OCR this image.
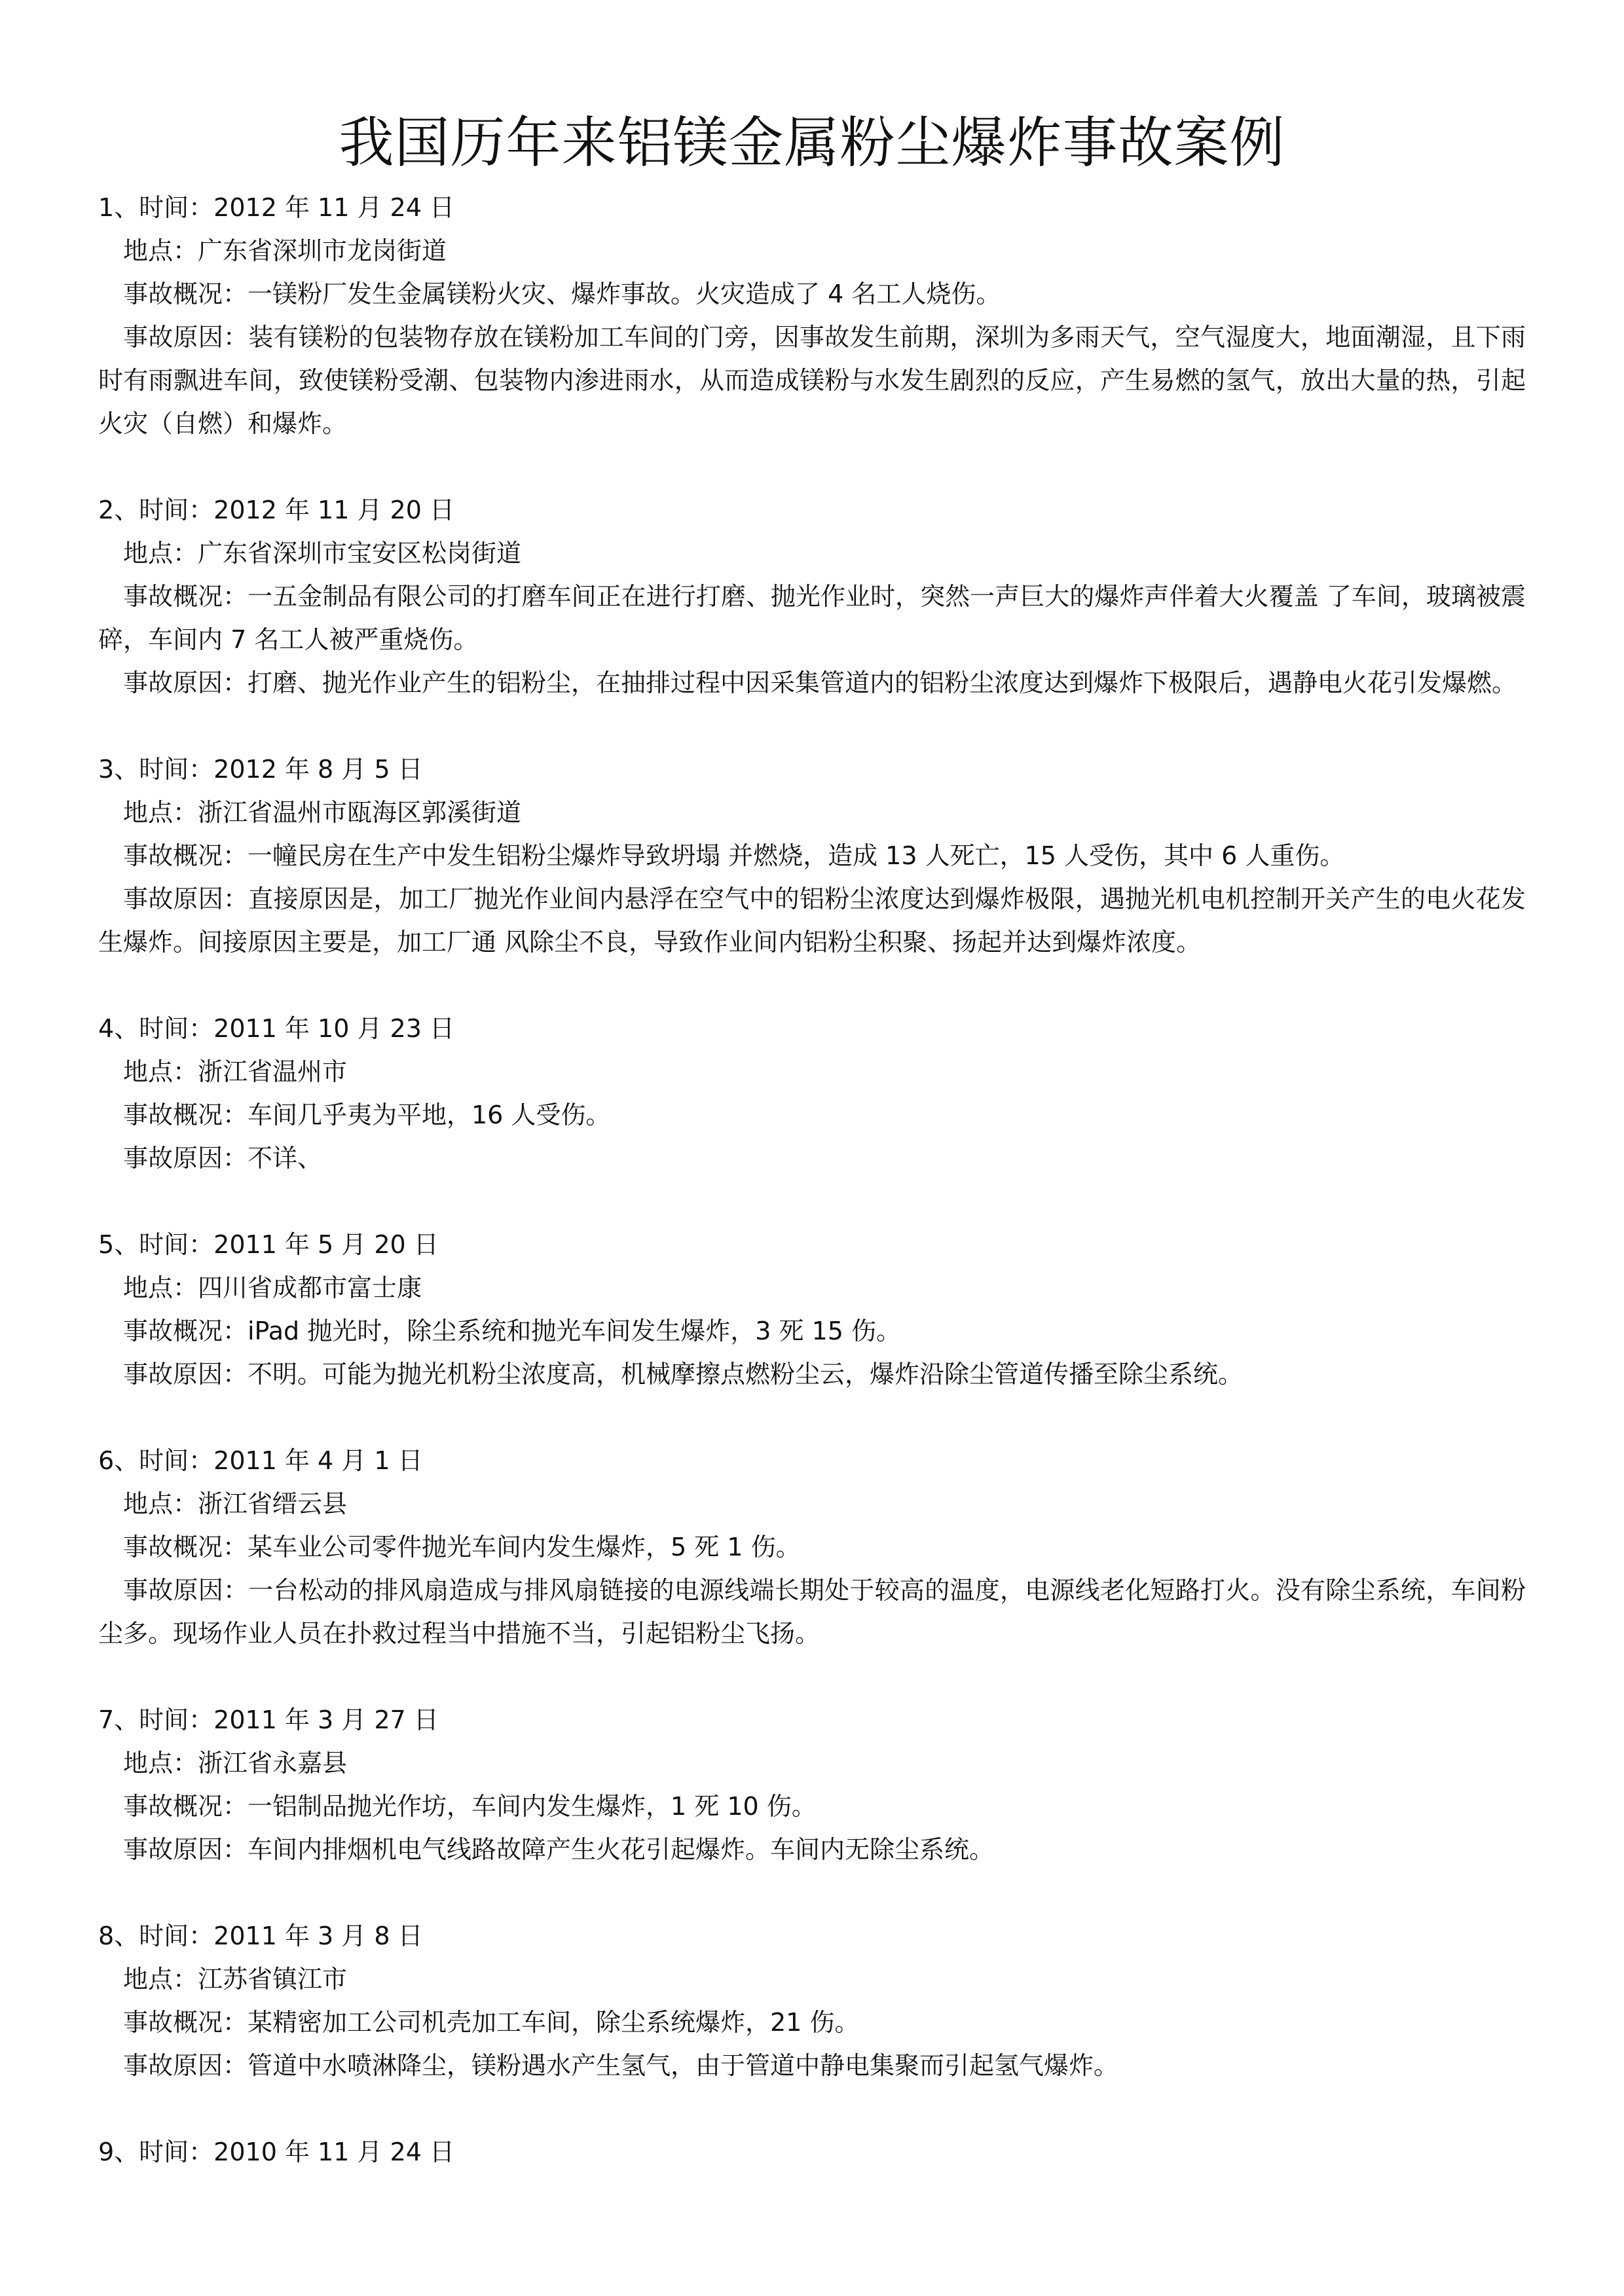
我国历年来铝镁金属粉尘爆炸事故案例
1、时间：2012 年 11 月 24 日
地点：广东省深圳市龙岗街道
事故概况：一镁粉厂发生金属镁粉火灾、爆炸事故。火灾造成了 4 名工人烧伤。
事故原因：装有镁粉的包装物存放在镁粉加工车间的门旁，因事故发生前期，深圳为多雨天气，空气湿度大，地面潮湿，且下雨时有雨飘进车间，致使镁粉受潮、包装物内渗进雨水，从而造成镁粉与水发生剧烈的反应，产生易燃的氢气，放出大量的热，引起火灾（自燃）和爆炸。
2、时间：2012 年 11 月 20 日
地点：广东省深圳市宝安区松岗街道
事故概况：一五金制品有限公司的打磨车间正在进行打磨、抛光作业时，突然一声巨大的爆炸声伴着大火覆盖 了车间，玻璃被震碎，车间内 7 名工人被严重烧伤。
事故原因：打磨、抛光作业产生的铝粉尘，在抽排过程中因采集管道内的铝粉尘浓度达到爆炸下极限后，遇静电火花引发爆燃。
3、时间：2012 年 8 月 5 日
地点：浙江省温州市瓯海区郭溪街道
事故概况：一幢民房在生产中发生铝粉尘爆炸导致坍塌 并燃烧，造成 13 人死亡，15 人受伤，其中 6 人重伤。
事故原因：直接原因是，加工厂抛光作业间内悬浮在空气中的铝粉尘浓度达到爆炸极限，遇抛光机电机控制开关产生的电火花发生爆炸。间接原因主要是，加工厂通 风除尘不良，导致作业间内铝粉尘积聚、扬起并达到爆炸浓度。
4、时间：2011 年 10 月 23 日
地点：浙江省温州市
事故概况：车间几乎夷为平地，16 人受伤。
事故原因：不详、
5、时间：2011 年 5 月 20 日
地点：四川省成都市富士康
事故概况：iPad 抛光时，除尘系统和抛光车间发生爆炸，3 死 15 伤。
事故原因：不明。可能为抛光机粉尘浓度高，机械摩擦点燃粉尘云，爆炸沿除尘管道传播至除尘系统。
6、时间：2011 年 4 月 1 日
地点：浙江省缙云县
事故概况：某车业公司零件抛光车间内发生爆炸，5 死 1 伤。
事故原因：一台松动的排风扇造成与排风扇链接的电源线端长期处于较高的温度，电源线老化短路打火。没有除尘系统，车间粉尘多。现场作业人员在扑救过程当中措施不当，引起铝粉尘飞扬。
7、时间：2011 年 3 月 27 日
地点：浙江省永嘉县
事故概况：一铝制品抛光作坊，车间内发生爆炸，1 死 10 伤。
事故原因：车间内排烟机电气线路故障产生火花引起爆炸。车间内无除尘系统。
8、时间：2011 年 3 月 8 日
地点：江苏省镇江市
事故概况：某精密加工公司机壳加工车间，除尘系统爆炸，21 伤。
事故原因：管道中水喷淋降尘，镁粉遇水产生氢气，由于管道中静电集聚而引起氢气爆炸。
9、时间：2010 年 11 月 24 日
